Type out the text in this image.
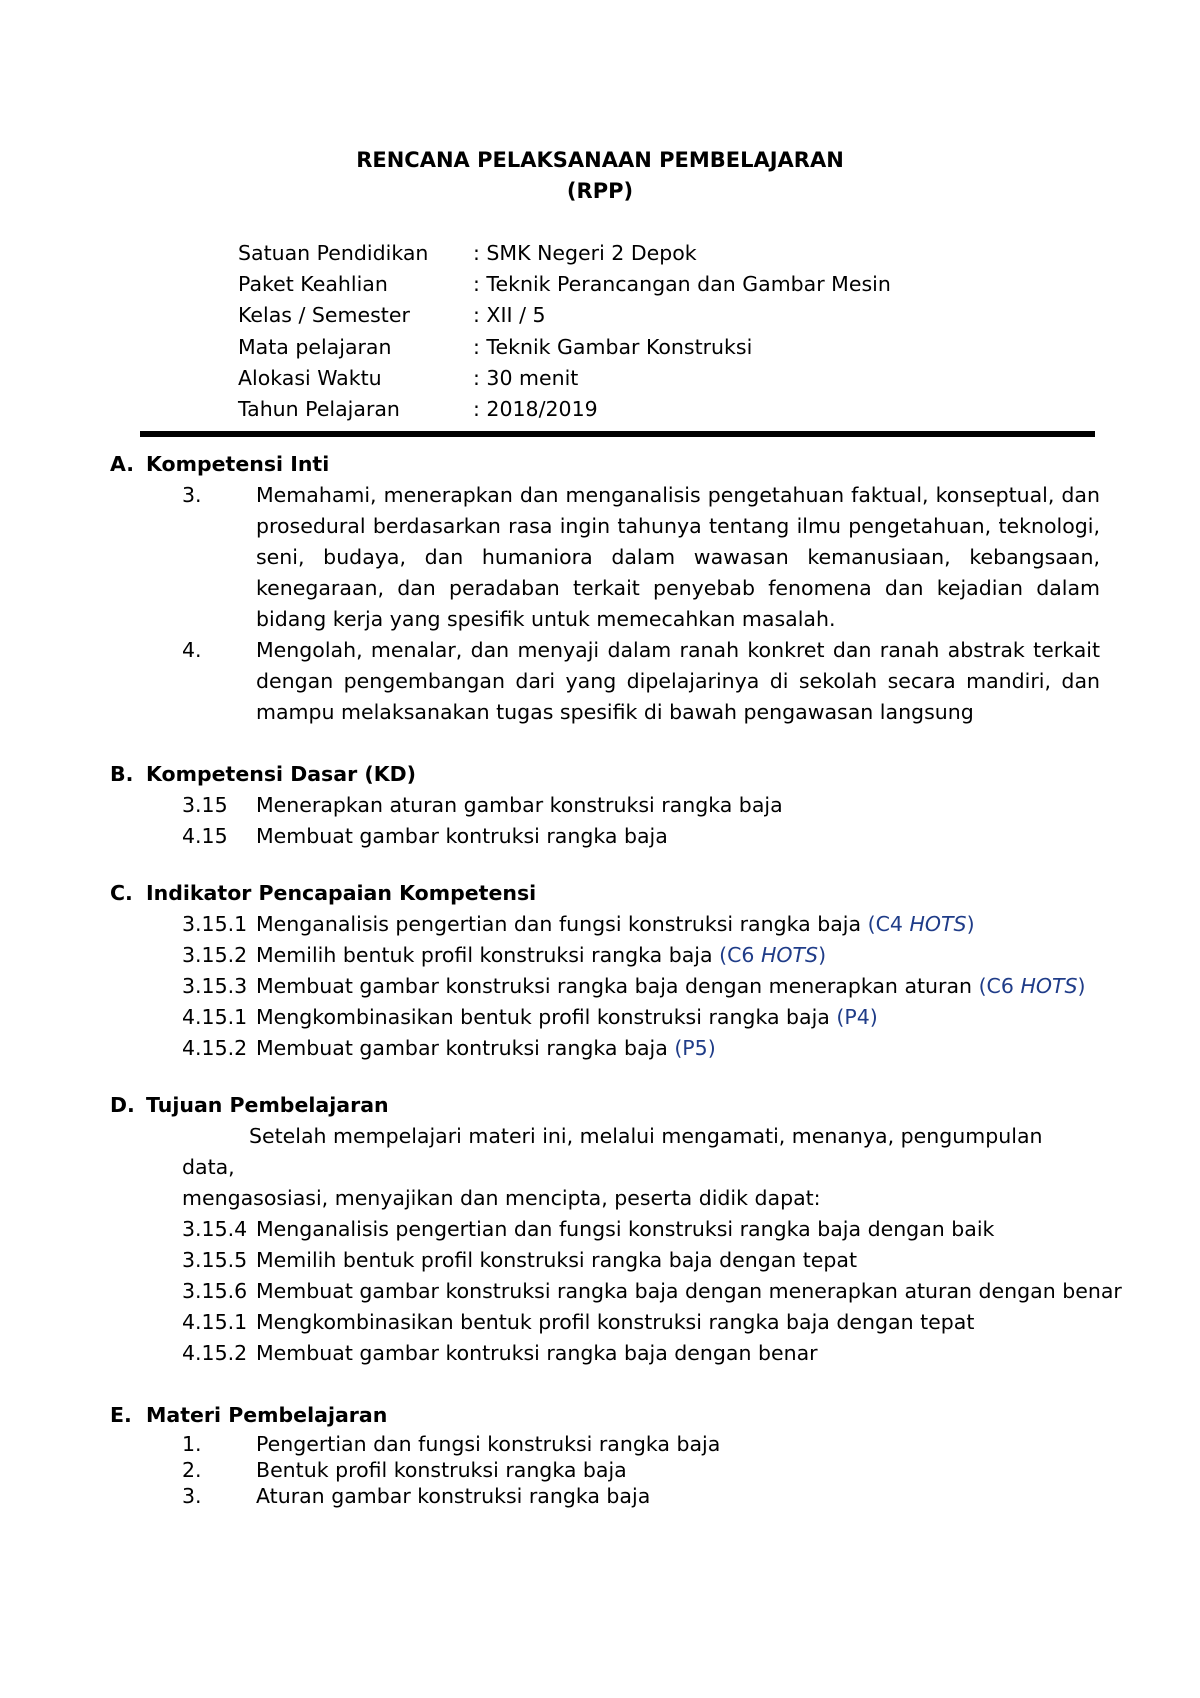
RENCANA PELAKSANAAN PEMBELAJARAN
(RPP)
Satuan Pendidikan : SMK Negeri 2 Depok
Paket Keahlian	: Teknik Perancangan dan Gambar Mesin
Kelas / Semester	: XII / 5
Mata pelajaran	: Teknik Gambar Konstruksi
Alokasi Waktu	: 30 menit
Tahun Pelajaran	: 2018/2019
A. Kompetensi Inti
3.	Memahami, menerapkan dan menganalisis pengetahuan faktual, konseptual, dan prosedural berdasarkan rasa ingin tahunya tentang ilmu pengetahuan, teknologi, seni, budaya, dan humaniora dalam wawasan kemanusiaan, kebangsaan, kenegaraan, dan peradaban terkait penyebab fenomena dan kejadian dalam bidang kerja yang spesifik untuk memecahkan masalah.
4.	Mengolah, menalar, dan menyaji dalam ranah konkret dan ranah abstrak terkait dengan pengembangan dari yang dipelajarinya di sekolah secara mandiri, dan mampu melaksanakan tugas spesifik di bawah pengawasan langsung
B. Kompetensi Dasar (KD)
3.15 Menerapkan aturan gambar konstruksi rangka baja
4.15 Membuat gambar kontruksi rangka baja
C. Indikator Pencapaian Kompetensi
3.15.1 Menganalisis pengertian dan fungsi konstruksi rangka baja (C4 HOTS)
3.15.2 Memilih bentuk profil konstruksi rangka baja (C6 HOTS)
3.15.3 Membuat gambar konstruksi rangka baja dengan menerapkan aturan (C6 HOTS)
4.15.1 Mengkombinasikan bentuk profil konstruksi rangka baja (P4)
4.15.2 Membuat gambar kontruksi rangka baja (P5)
D. Tujuan Pembelajaran
Setelah mempelajari materi ini, melalui mengamati, menanya, pengumpulan data,
mengasosiasi, menyajikan dan mencipta, peserta didik dapat:
3.15.4 Menganalisis pengertian dan fungsi konstruksi rangka baja dengan baik
3.15.5 Memilih bentuk profil konstruksi rangka baja dengan tepat
3.15.6 Membuat gambar konstruksi rangka baja dengan menerapkan aturan dengan benar
4.15.1 Mengkombinasikan bentuk profil konstruksi rangka baja dengan tepat
4.15.2 Membuat gambar kontruksi rangka baja dengan benar
E. Materi Pembelajaran
1.	Pengertian dan fungsi konstruksi rangka baja
2.	Bentuk profil konstruksi rangka baja
3.	Aturan gambar konstruksi rangka baja
